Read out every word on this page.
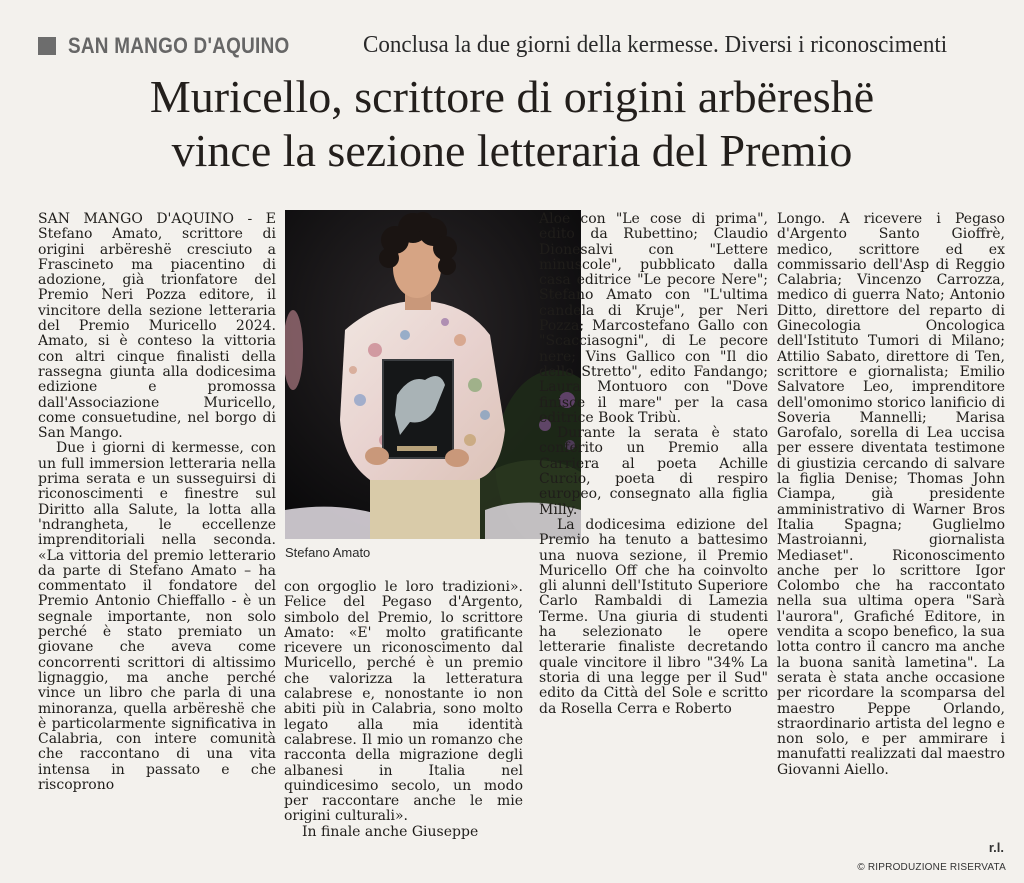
SAN MANGO D'AQUINO	Conclusa la due giorni della kermesse. Diversi i riconoscimenti
Muricello, scrittore di origini arbëreshë
vince la sezione letteraria del Premio

SAN MANGO D'AQUINO - È Stefano Amato, scrittore di origini arbëreshë cresciuto a Frascineto ma piacentino di adozione, già trionfatore del Premio Neri Pozza editore, il vincitore della sezione letteraria del Premio Muricello 2024. Amato, si è conteso la vittoria con altri cinque finalisti della rassegna giunta alla dodicesima edizione e promossa dall'Associazione Muricello, come consuetudine, nel borgo di San Mango.

Due i giorni di kermesse, con un full immersion letteraria nella prima serata e un susseguirsi di riconoscimenti e finestre sul Diritto alla Salute, la lotta alla 'ndrangheta, le eccellenze imprenditoriali nella seconda. «La vittoria del premio letterario da parte di Stefano Amato – ha commentato il fondatore del Premio Antonio Chieffallo - è un segnale importante, non solo perché è stato premiato un giovane che aveva come concorrenti scrittori di altissimo lignaggio, ma anche perché vince un libro che parla di una minoranza, quella arbëreshë che è particolarmente significativa in Calabria, con intere comunità che raccontano di una vita intensa in passato e che riscoprono

Stefano Amato

con orgoglio le loro tradizioni». Felice del Pegaso d'Argento, simbolo del Premio, lo scrittore Amato: «E' molto gratificante ricevere un riconoscimento dal Muricello, perché è un premio che valorizza la letteratura calabrese e, nonostante io non abiti più in Calabria, sono molto legato alla mia identità calabrese. Il mio un romanzo che racconta della migrazione degli albanesi in Italia nel quindicesimo secolo, un modo per raccontare anche le mie origini culturali».

In finale anche Giuseppe

Aloe con "Le cose di prima", edito da Rubettino; Claudio Dionesalvi con "Lettere minuscole", pubblicato dalla casa editrice "Le pecore Nere"; Stefano Amato con "L'ultima candela di Kruje", per Neri Pozza; Marcostefano Gallo con "Scacciasogni", di Le pecore nere; Vins Gallico con "Il dio dello Stretto", edito Fandango; Laura Montuoro con "Dove finisce il mare" per la casa editrice Book Tribù.

Durante la serata è stato conferito un Premio alla Carriera al poeta Achille Curcio, poeta di respiro europeo, consegnato alla figlia Milly.

La dodicesima edizione del Premio ha tenuto a battesimo una nuova sezione, il Premio Muricello Off che ha coinvolto gli alunni dell'Istituto Superiore Carlo Rambaldi di Lamezia Terme. Una giuria di studenti ha selezionato le opere letterarie finaliste decretando quale vincitore il libro "34% La storia di una legge per il Sud" edito da Città del Sole e scritto da Rosella Cerra e Roberto

Longo. A ricevere i Pegaso d'Argento Santo Gioffrè, medico, scrittore ed ex commissario dell'Asp di Reggio Calabria; Vincenzo Carrozza, medico di guerra Nato; Antonio Ditto, direttore del reparto di Ginecologia Oncologica dell'Istituto Tumori di Milano; Attilio Sabato, direttore di Ten, scrittore e giornalista; Emilio Salvatore Leo, imprenditore dell'omonimo storico lanificio di Soveria Mannelli; Marisa Garofalo, sorella di Lea uccisa per essere diventata testimone di giustizia cercando di salvare la figlia Denise; Thomas John Ciampa, già presidente amministrativo di Warner Bros Italia Spagna; Guglielmo Mastroianni, giornalista Mediaset". Riconoscimento anche per lo scrittore Igor Colombo che ha raccontato nella sua ultima opera "Sarà l'aurora", Grafiché Editore, in vendita a scopo benefico, la sua lotta contro il cancro ma anche la buona sanità lametina". La serata è stata anche occasione per ricordare la scomparsa del maestro Peppe Orlando, straordinario artista del legno e non solo, e per ammirare i manufatti realizzati dal maestro Giovanni Aiello.

r.l.
© RIPRODUZIONE RISERVATA
